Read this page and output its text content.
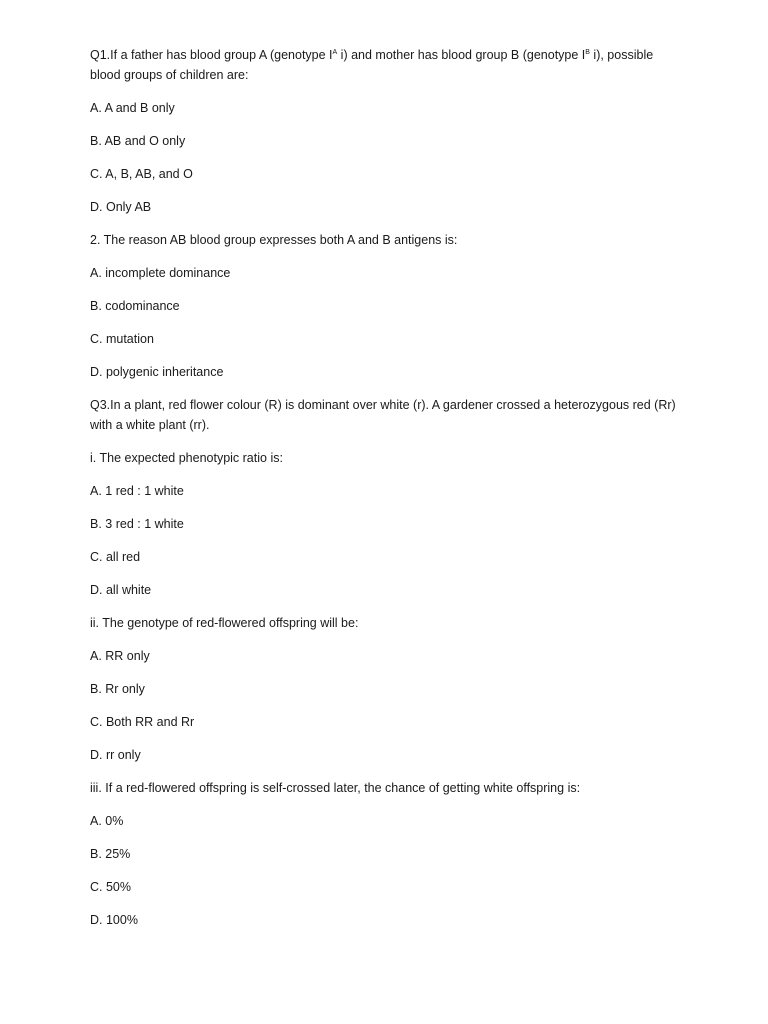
Q1.If a father has blood group A (genotype $I^A$ i) and mother has blood group B (genotype $I^B$ i), possible blood groups of children are:
A. A and B only
B. AB and O only
C. A, B, AB, and O
D. Only AB
2. The reason AB blood group expresses both A and B antigens is:
A. incomplete dominance
B. codominance
C. mutation
D. polygenic inheritance
Q3.In a plant, red flower colour (R) is dominant over white (r). A gardener crossed a heterozygous red (Rr) with a white plant (rr).
i. The expected phenotypic ratio is:
A. 1 red : 1 white
B. 3 red : 1 white
C. all red
D. all white
ii. The genotype of red-flowered offspring will be:
A. RR only
B. Rr only
C. Both RR and Rr
D. rr only
iii. If a red-flowered offspring is self-crossed later, the chance of getting white offspring is:
A. 0%
B. 25%
C. 50%
D. 100%
